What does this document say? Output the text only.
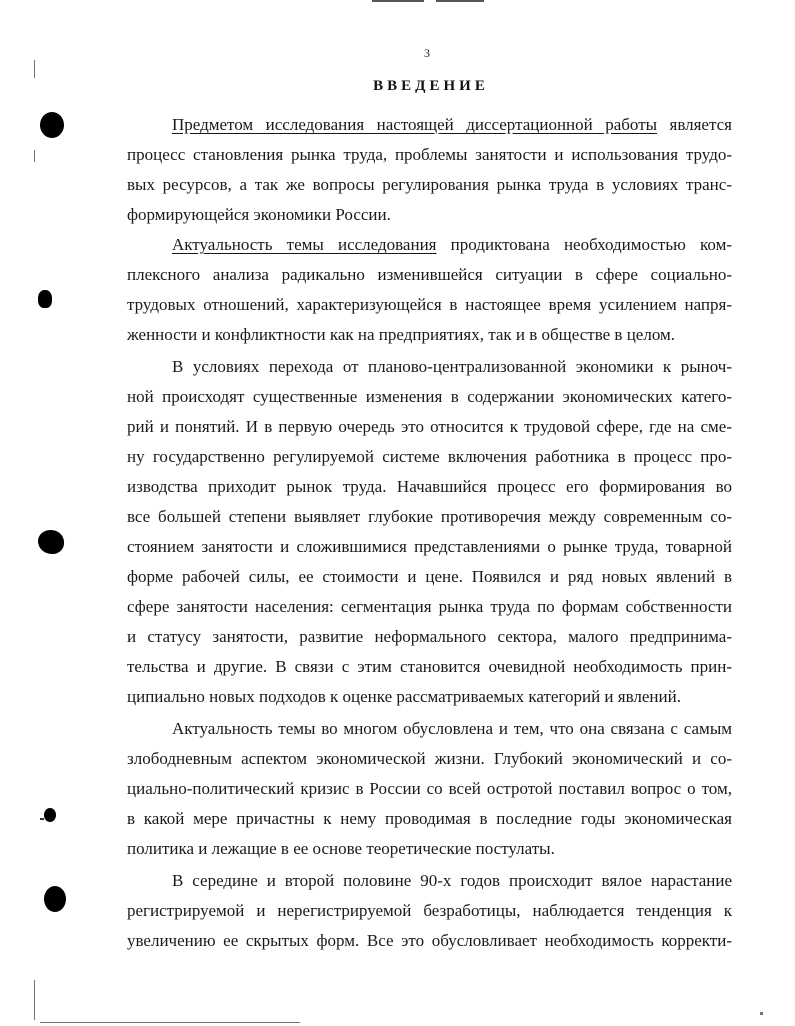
3
ВВЕДЕНИЕ
Предметом исследования настоящей диссертационной работы является
процесс становления рынка труда, проблемы занятости и использования трудо-
вых ресурсов, а так же вопросы регулирования рынка труда в условиях транс-
формирующейся экономики России.
Актуальность темы исследования продиктована необходимостью ком-
плексного анализа радикально изменившейся ситуации в сфере социально-
трудовых отношений, характеризующейся в настоящее время усилением напря-
женности и конфликтности как на предприятиях, так и в обществе в целом.
В условиях перехода от планово-централизованной экономики к рыноч-
ной происходят существенные изменения в содержании экономических катего-
рий и понятий. И в первую очередь это относится к трудовой сфере, где на сме-
ну государственно регулируемой системе включения работника в процесс про-
изводства приходит рынок труда. Начавшийся процесс его формирования во
все большей степени выявляет глубокие противоречия между современным со-
стоянием занятости и сложившимися представлениями о рынке труда, товарной
форме рабочей силы, ее стоимости и цене. Появился и ряд новых явлений в
сфере занятости населения: сегментация рынка труда по формам собственности
и статусу занятости, развитие неформального сектора, малого предпринима-
тельства и другие. В связи с этим становится очевидной необходимость прин-
ципиально новых подходов к оценке рассматриваемых категорий и явлений.
Актуальность темы во многом обусловлена и тем, что она связана с самым
злободневным аспектом экономической жизни. Глубокий экономический и со-
циально-политический кризис в России со всей остротой поставил вопрос о том,
в какой мере причастны к нему проводимая в последние годы экономическая
политика и лежащие в ее основе теоретические постулаты.
В середине и второй половине 90-х годов происходит вялое нарастание
регистрируемой и нерегистрируемой безработицы, наблюдается тенденция к
увеличению ее скрытых форм. Все это обусловливает необходимость корректи-
